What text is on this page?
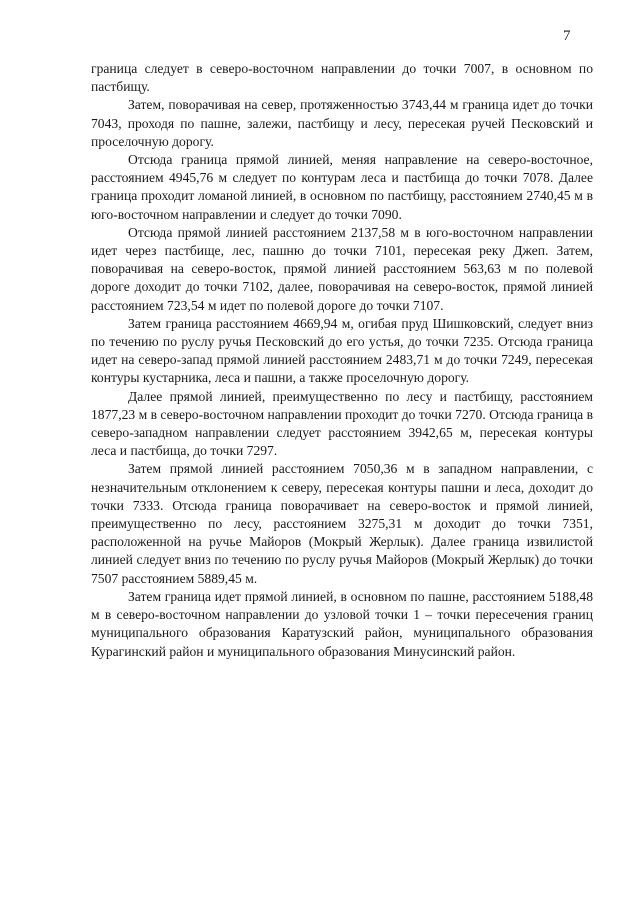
7

граница следует в северо-восточном направлении до точки 7007, в основном по пастбищу.

Затем, поворачивая на север, протяженностью 3743,44 м граница идет до точки 7043, проходя по пашне, залежи, пастбищу и лесу, пересекая ручей Песковский и проселочную дорогу.

Отсюда граница прямой линией, меняя направление на северо-восточное, расстоянием 4945,76 м следует по контурам леса и пастбища до точки 7078. Далее граница проходит ломаной линией, в основном по пастбищу, расстоянием 2740,45 м в юго-восточном направлении и следует до точки 7090.

Отсюда прямой линией расстоянием 2137,58 м в юго-восточном направлении идет через пастбище, лес, пашню до точки 7101, пересекая реку Джеп. Затем, поворачивая на северо-восток, прямой линией расстоянием 563,63 м по полевой дороге доходит до точки 7102, далее, поворачивая на северо-восток, прямой линией расстоянием 723,54 м идет по полевой дороге до точки 7107.

Затем граница расстоянием 4669,94 м, огибая пруд Шишковский, следует вниз по течению по руслу ручья Песковский до его устья, до точки 7235. Отсюда граница идет на северо-запад прямой линией расстоянием 2483,71 м до точки 7249, пересекая контуры кустарника, леса и пашни, а также проселочную дорогу.

Далее прямой линией, преимущественно по лесу и пастбищу, расстоянием 1877,23 м в северо-восточном направлении проходит до точки 7270. Отсюда граница в северо-западном направлении следует расстоянием 3942,65 м, пересекая контуры леса и пастбища, до точки 7297.

Затем прямой линией расстоянием 7050,36 м в западном направлении, с незначительным отклонением к северу, пересекая контуры пашни и леса, доходит до точки 7333. Отсюда граница поворачивает на северо-восток и прямой линией, преимущественно по лесу, расстоянием 3275,31 м доходит до точки 7351, расположенной на ручье Майоров (Мокрый Жерлык). Далее граница извилистой линией следует вниз по течению по руслу ручья Майоров (Мокрый Жерлык) до точки 7507 расстоянием 5889,45 м.

Затем граница идет прямой линией, в основном по пашне, расстоянием 5188,48 м в северо-восточном направлении до узловой точки 1 – точки пересечения границ муниципального образования Каратузский район, муниципального образования Курагинский район и муниципального образования Минусинский район.
